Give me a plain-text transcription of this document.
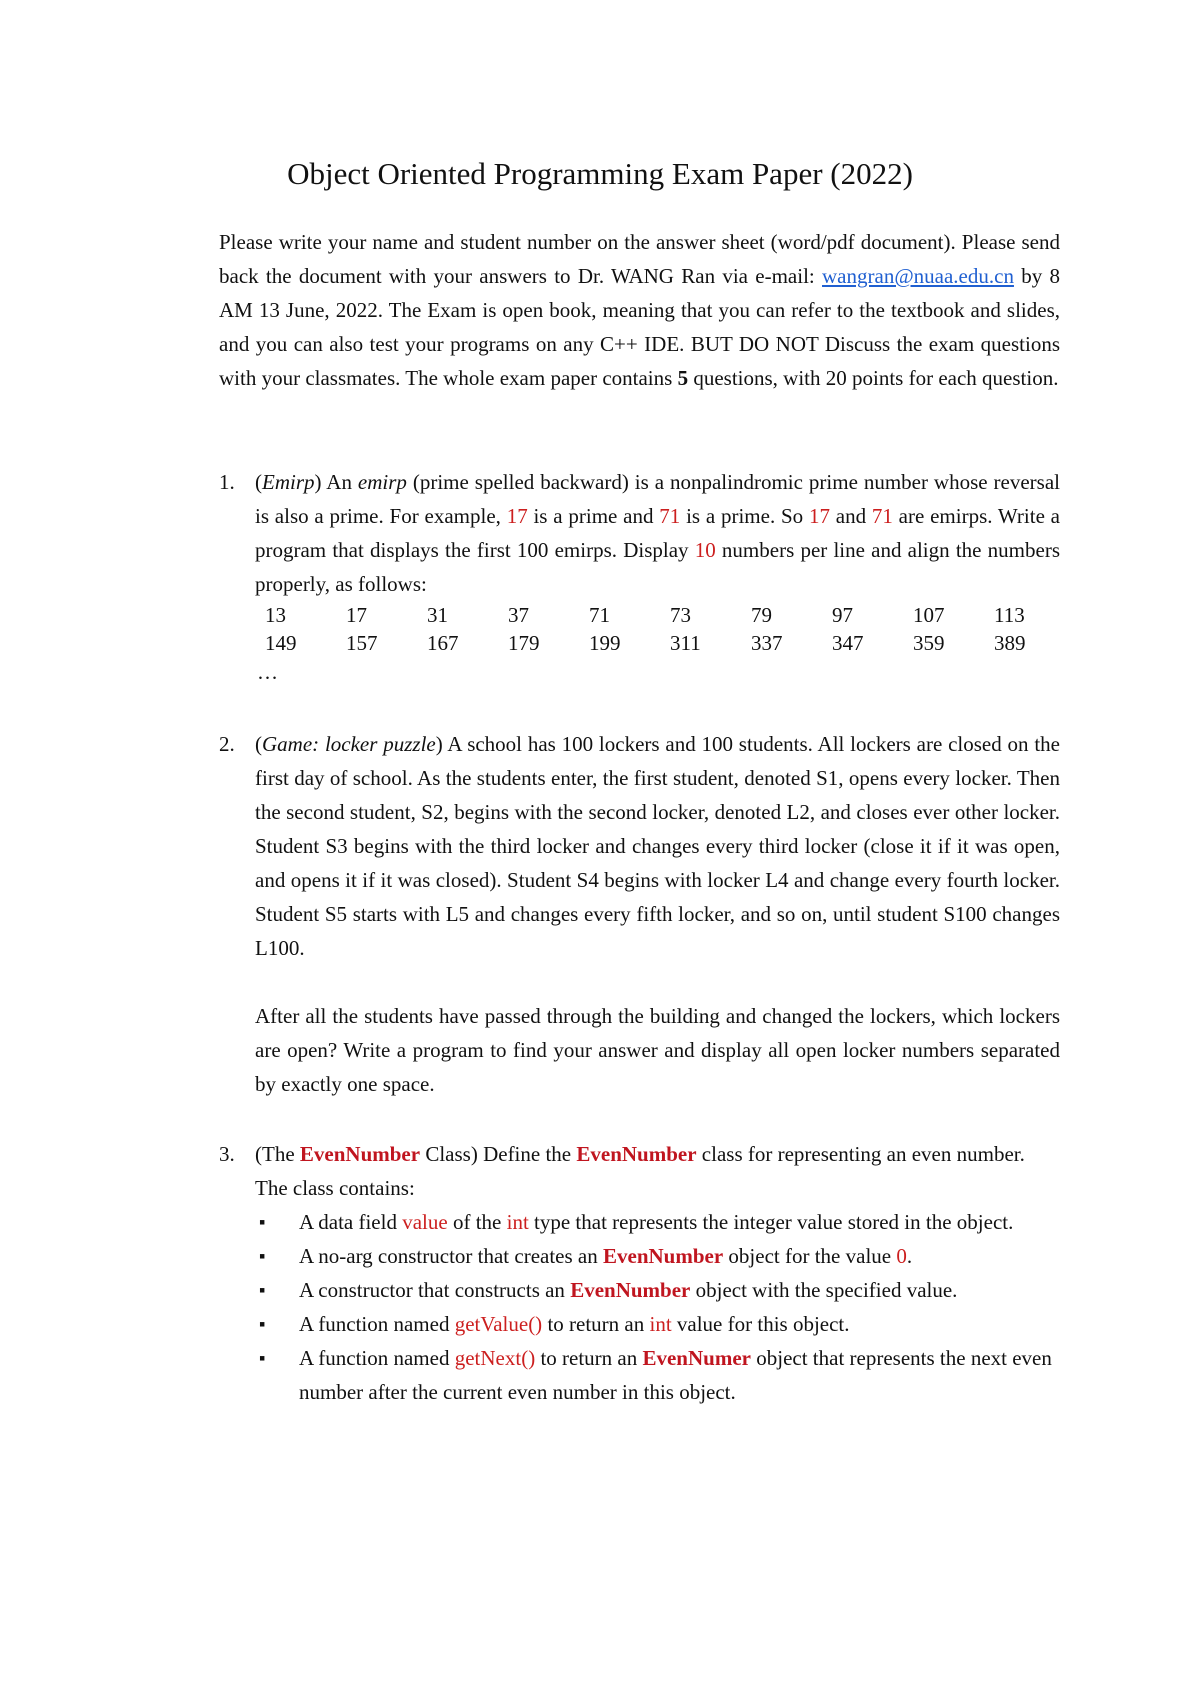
Object Oriented Programming Exam Paper (2022)
Please write your name and student number on the answer sheet (word/pdf document). Please send back the document with your answers to Dr. WANG Ran via e-mail: wangran@nuaa.edu.cn by 8 AM 13 June, 2022. The Exam is open book, meaning that you can refer to the textbook and slides, and you can also test your programs on any C++ IDE. BUT DO NOT Discuss the exam questions with your classmates. The whole exam paper contains 5 questions, with 20 points for each question.
1. (Emirp) An emirp (prime spelled backward) is a nonpalindromic prime number whose reversal is also a prime. For example, 17 is a prime and 71 is a prime. So 17 and 71 are emirps. Write a program that displays the first 100 emirps. Display 10 numbers per line and align the numbers properly, as follows:
13	17	31	37	71	73	79	97	107 113
149 157 167 179 199 311 337 347 359 389
…
2. (Game: locker puzzle) A school has 100 lockers and 100 students. All lockers are closed on the first day of school. As the students enter, the first student, denoted S1, opens every locker. Then the second student, S2, begins with the second locker, denoted L2, and closes ever other locker. Student S3 begins with the third locker and changes every third locker (close it if it was open, and opens it if it was closed). Student S4 begins with locker L4 and change every fourth locker. Student S5 starts with L5 and changes every fifth locker, and so on, until student S100 changes L100.
After all the students have passed through the building and changed the lockers, which lockers are open? Write a program to find your answer and display all open locker numbers separated by exactly one space.
3. (The EvenNumber Class) Define the EvenNumber class for representing an even number. The class contains:
▪ A data field value of the int type that represents the integer value stored in the object.
▪ A no-arg constructor that creates an EvenNumber object for the value 0.
▪ A constructor that constructs an EvenNumber object with the specified value.
▪ A function named getValue() to return an int value for this object.
▪ A function named getNext() to return an EvenNumer object that represents the next even number after the current even number in this object.
